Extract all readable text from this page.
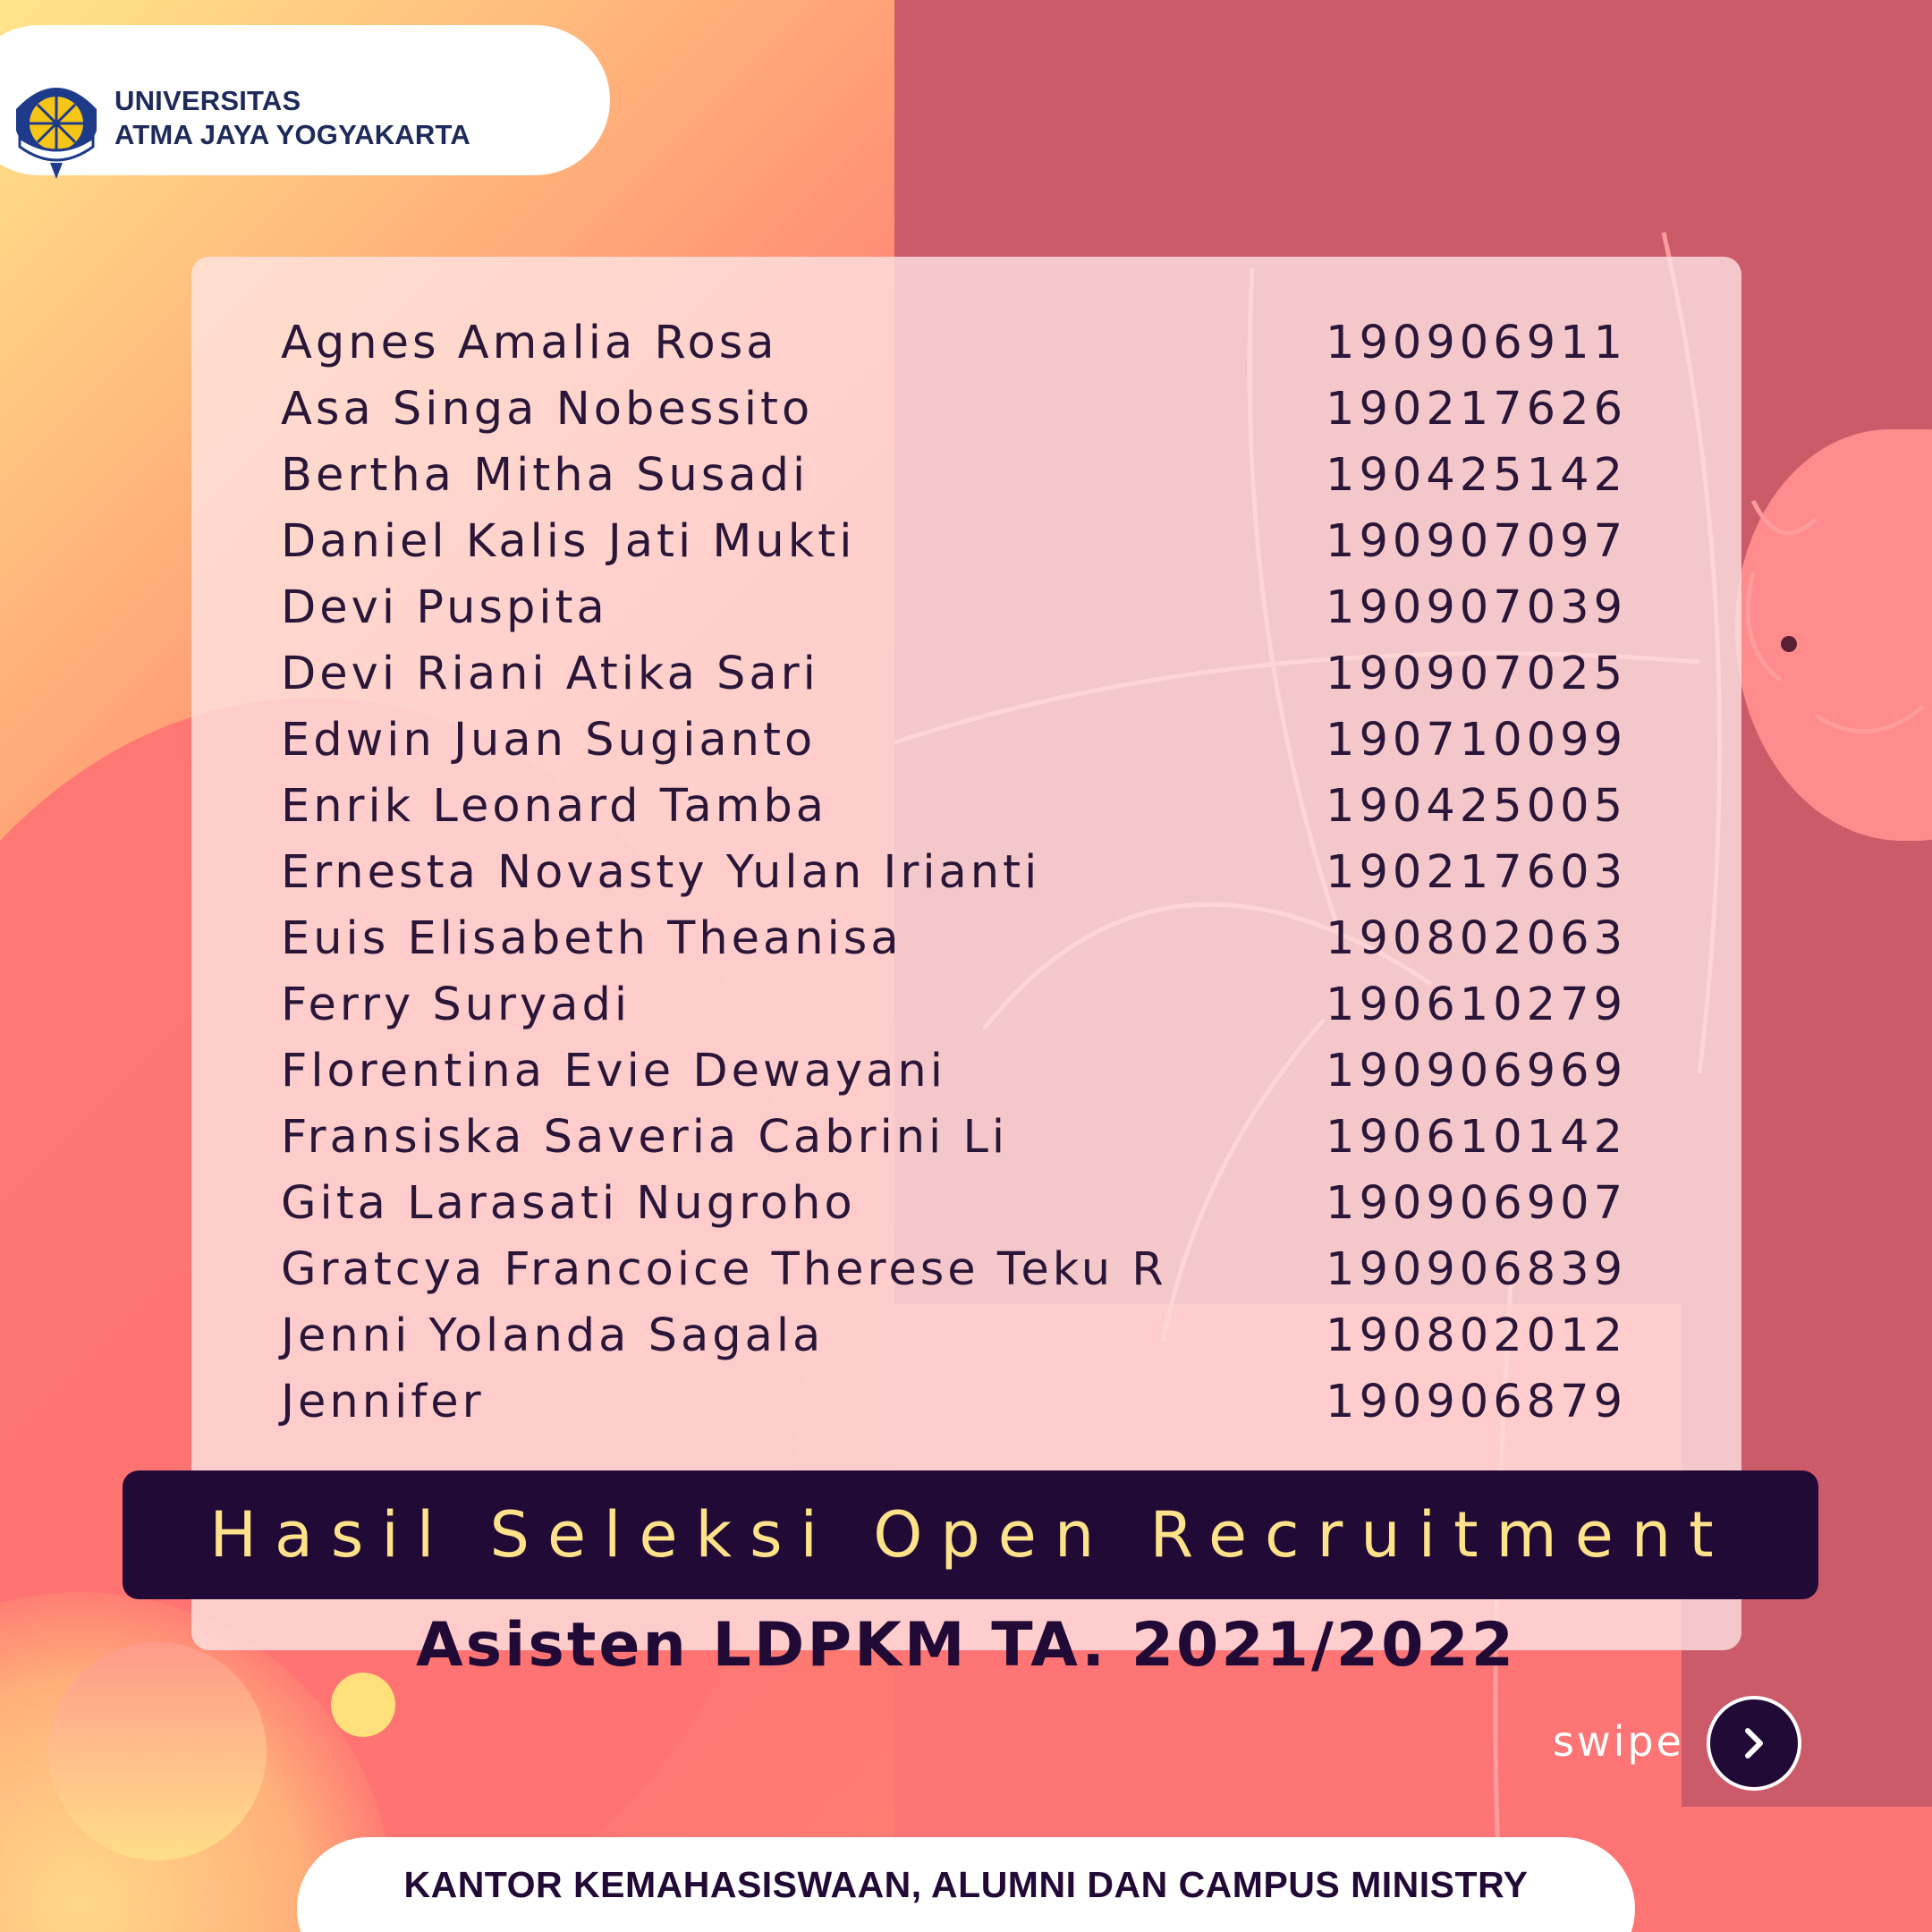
UNIVERSITAS
ATMA JAYA YOGYAKARTA
Agnes Amalia Rosa	190906911
Asa Singa Nobessito	190217626
Bertha Mitha Susadi	190425142
Daniel Kalis Jati Mukti	190907097
Devi Puspita	190907039
Devi Riani Atika Sari	190907025
Edwin Juan Sugianto	190710099
Enrik Leonard Tamba	190425005
Ernesta Novasty Yulan Irianti	190217603
Euis Elisabeth Theanisa	190802063
Ferry Suryadi	190610279
Florentina Evie Dewayani	190906969
Fransiska Saveria Cabrini Li	190610142
Gita Larasati Nugroho	190906907
Gratcya Francoice Therese Teku R	190906839
Jenni Yolanda Sagala	190802012
Jennifer	190906879
Hasil Seleksi Open Recruitment
Asisten LDPKM TA. 2021/2022
swipe
KANTOR KEMAHASISWAAN, ALUMNI DAN CAMPUS MINISTRY
